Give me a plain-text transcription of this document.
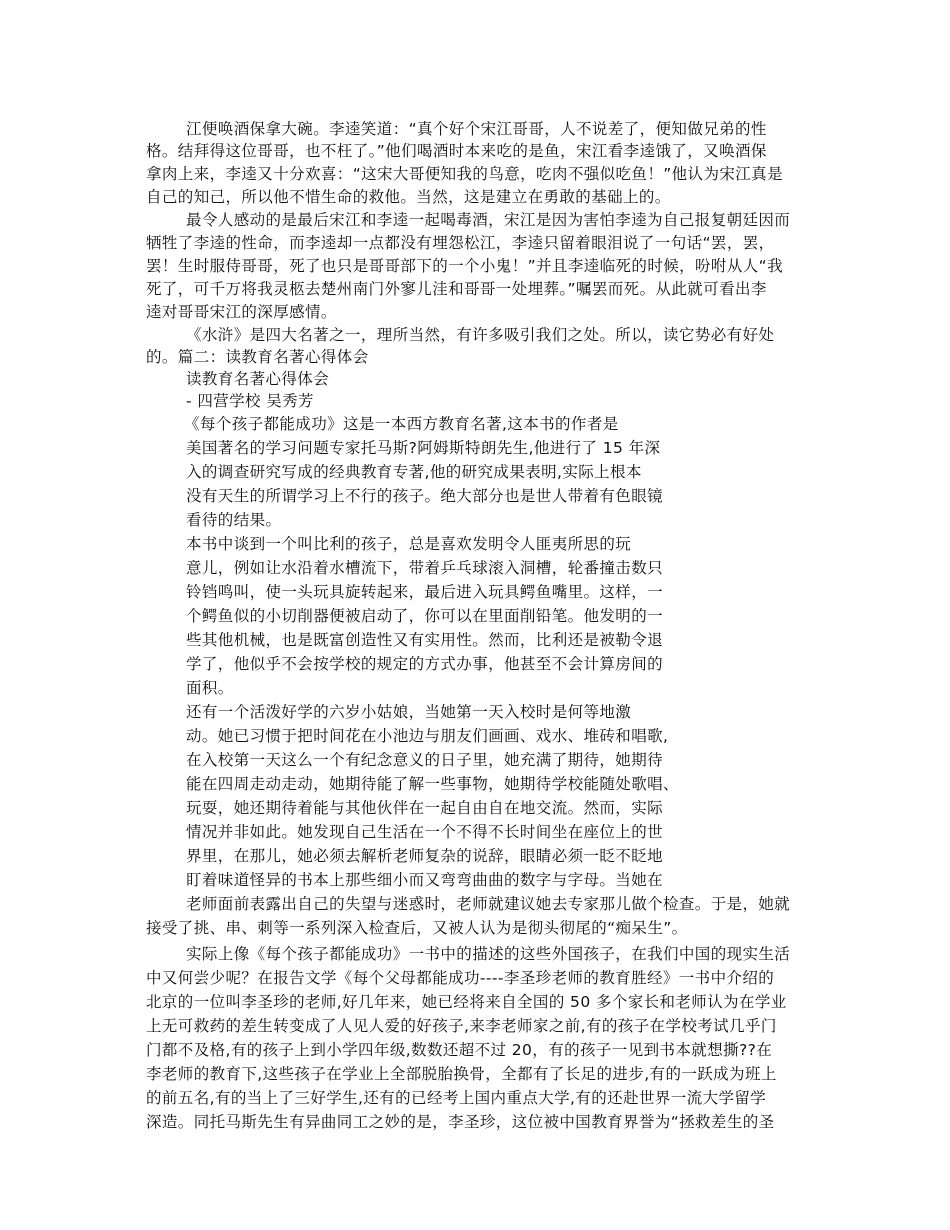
江便唤酒保拿大碗。李逵笑道：“真个好个宋江哥哥，人不说差了，便知做兄弟的性

格。结拜得这位哥哥，也不枉了。”他们喝酒时本来吃的是鱼，宋江看李逵饿了，又唤酒保

拿肉上来，李逵又十分欢喜：“这宋大哥便知我的鸟意，吃肉不强似吃鱼！”他认为宋江真是

自己的知己，所以他不惜生命的救他。当然，这是建立在勇敢的基础上的。

最令人感动的是最后宋江和李逵一起喝毒酒，宋江是因为害怕李逵为自己报复朝廷因而

牺牲了李逵的性命，而李逵却一点都没有埋怨松江，李逵只留着眼泪说了一句话“罢，罢，

罢！生时服侍哥哥，死了也只是哥哥部下的一个小鬼！”并且李逵临死的时候，吩咐从人“我

死了，可千万将我灵柩去楚州南门外寥儿洼和哥哥一处埋葬。”嘱罢而死。从此就可看出李

逵对哥哥宋江的深厚感情。

《水浒》是四大名著之一，理所当然，有许多吸引我们之处。所以，读它势必有好处

的。篇二：读教育名著心得体会

读教育名著心得体会

- 四营学校 吴秀芳

《每个孩子都能成功》这是一本西方教育名著,这本书的作者是

美国著名的学习问题专家托马斯?阿姆斯特朗先生,他进行了 15 年深

入的调查研究写成的经典教育专著,他的研究成果表明,实际上根本

没有天生的所谓学习上不行的孩子。绝大部分也是世人带着有色眼镜

看待的结果。

本书中谈到一个叫比利的孩子，总是喜欢发明令人匪夷所思的玩

意儿，例如让水沿着水槽流下，带着乒乓球滚入洞槽，轮番撞击数只

铃铛鸣叫，使一头玩具旋转起来，最后进入玩具鳄鱼嘴里。这样，一

个鳄鱼似的小切削器便被启动了，你可以在里面削铅笔。他发明的一

些其他机械，也是既富创造性又有实用性。然而，比利还是被勒令退

学了，他似乎不会按学校的规定的方式办事，他甚至不会计算房间的

面积。

还有一个活泼好学的六岁小姑娘，当她第一天入校时是何等地激

动。她已习惯于把时间花在小池边与朋友们画画、戏水、堆砖和唱歌,

在入校第一天这么一个有纪念意义的日子里，她充满了期待，她期待

能在四周走动走动，她期待能了解一些事物，她期待学校能随处歌唱、

玩耍，她还期待着能与其他伙伴在一起自由自在地交流。然而，实际

情况并非如此。她发现自己生活在一个不得不长时间坐在座位上的世

界里，在那儿，她必须去解析老师复杂的说辞，眼睛必须一眨不眨地

盯着味道怪异的书本上那些细小而又弯弯曲曲的数字与字母。当她在

老师面前表露出自己的失望与迷惑时，老师就建议她去专家那儿做个检查。于是，她就

接受了挑、串、刺等一系列深入检查后，又被人认为是彻头彻尾的“痴呆生”。

实际上像《每个孩子都能成功》一书中的描述的这些外国孩子，在我们中国的现实生活

中又何尝少呢？在报告文学《每个父母都能成功----李圣珍老师的教育胜经》一书中介绍的

北京的一位叫李圣珍的老师,好几年来，她已经将来自全国的 50 多个家长和老师认为在学业

上无可救药的差生转变成了人见人爱的好孩子,来李老师家之前,有的孩子在学校考试几乎门

门都不及格,有的孩子上到小学四年级,数数还超不过 20，有的孩子一见到书本就想撕??在

李老师的教育下,这些孩子在学业上全部脱胎换骨，全都有了长足的进步,有的一跃成为班上

的前五名,有的当上了三好学生,还有的已经考上国内重点大学,有的还赴世界一流大学留学

深造。同托马斯先生有异曲同工之妙的是，李圣珍，这位被中国教育界誉为“拯救差生的圣
